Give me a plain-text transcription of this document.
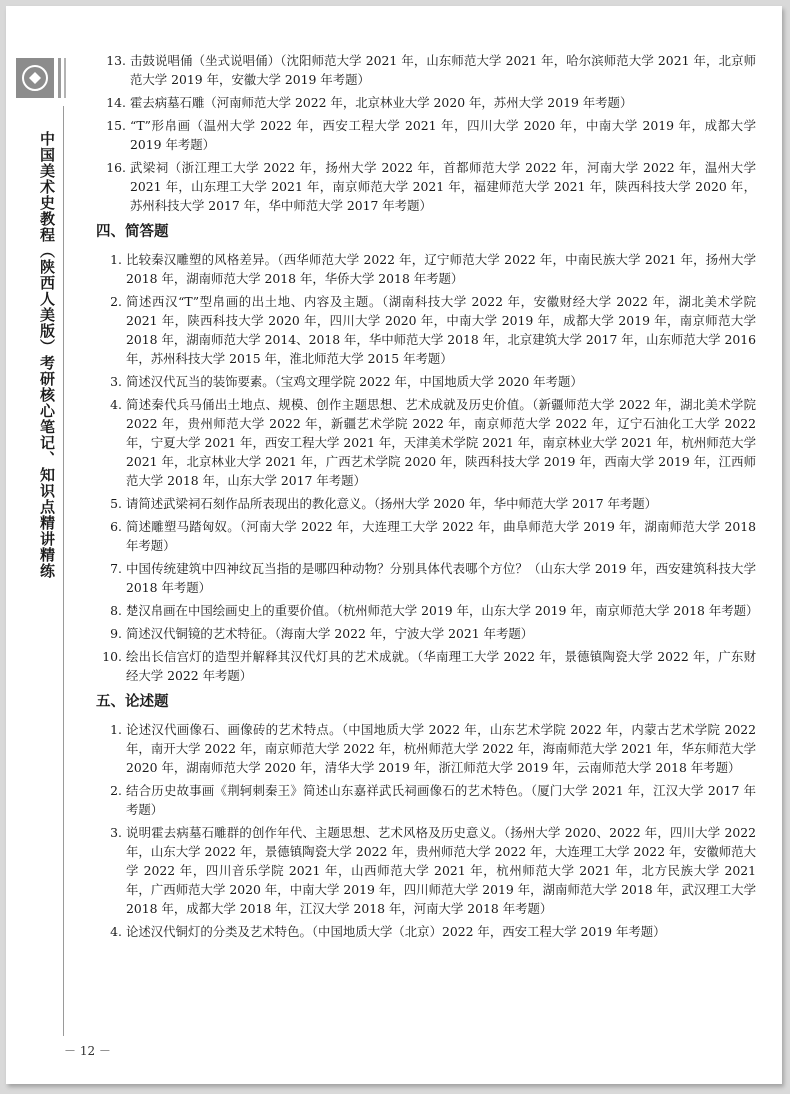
中国美术史教程（陕西人美版）考研核心笔记、知识点精讲精练
13. 击鼓说唱俑（坐式说唱俑）（沈阳师范大学 2021 年，山东师范大学 2021 年，哈尔滨师范大学 2021 年，北京师范大学 2019 年，安徽大学 2019 年考题）
14. 霍去病墓石雕（河南师范大学 2022 年，北京林业大学 2020 年，苏州大学 2019 年考题）
15. “T”形帛画（温州大学 2022 年，西安工程大学 2021 年，四川大学 2020 年，中南大学 2019 年，成都大学 2019 年考题）
16. 武梁祠（浙江理工大学 2022 年，扬州大学 2022 年，首都师范大学 2022 年，河南大学 2022 年，温州大学 2021 年，山东理工大学 2021 年，南京师范大学 2021 年，福建师范大学 2021 年，陕西科技大学 2020 年，苏州科技大学 2017 年，华中师范大学 2017 年考题）
四、简答题
1. 比较秦汉雕塑的风格差异。（西华师范大学 2022 年，辽宁师范大学 2022 年，中南民族大学 2021 年，扬州大学 2018 年，湖南师范大学 2018 年，华侨大学 2018 年考题）
2. 简述西汉“T”型帛画的出土地、内容及主题。（湖南科技大学 2022 年，安徽财经大学 2022 年，湖北美术学院 2021 年，陕西科技大学 2020 年，四川大学 2020 年，中南大学 2019 年，成都大学 2019 年，南京师范大学 2018 年，湖南师范大学 2014、2018 年，华中师范大学 2018 年，北京建筑大学 2017 年，山东师范大学 2016 年，苏州科技大学 2015 年，淮北师范大学 2015 年考题）
3. 简述汉代瓦当的装饰要素。（宝鸡文理学院 2022 年，中国地质大学 2020 年考题）
4. 简述秦代兵马俑出土地点、规模、创作主题思想、艺术成就及历史价值。（新疆师范大学 2022 年，湖北美术学院 2022 年，贵州师范大学 2022 年，新疆艺术学院 2022 年，南京师范大学 2022 年，辽宁石油化工大学 2022 年，宁夏大学 2021 年，西安工程大学 2021 年，天津美术学院 2021 年，南京林业大学 2021 年，杭州师范大学 2021 年，北京林业大学 2021 年，广西艺术学院 2020 年，陕西科技大学 2019 年，西南大学 2019 年，江西师范大学 2018 年，山东大学 2017 年考题）
5. 请简述武梁祠石刻作品所表现出的教化意义。（扬州大学 2020 年，华中师范大学 2017 年考题）
6. 简述雕塑马踏匈奴。（河南大学 2022 年，大连理工大学 2022 年，曲阜师范大学 2019 年，湖南师范大学 2018 年考题）
7. 中国传统建筑中四神纹瓦当指的是哪四种动物？分别具体代表哪个方位？（山东大学 2019 年，西安建筑科技大学 2018 年考题）
8. 楚汉帛画在中国绘画史上的重要价值。（杭州师范大学 2019 年，山东大学 2019 年，南京师范大学 2018 年考题）
9. 简述汉代铜镜的艺术特征。（海南大学 2022 年，宁波大学 2021 年考题）
10. 绘出长信宫灯的造型并解释其汉代灯具的艺术成就。（华南理工大学 2022 年，景德镇陶瓷大学 2022 年，广东财经大学 2022 年考题）
五、论述题
1. 论述汉代画像石、画像砖的艺术特点。（中国地质大学 2022 年，山东艺术学院 2022 年，内蒙古艺术学院 2022 年，南开大学 2022 年，南京师范大学 2022 年，杭州师范大学 2022 年，海南师范大学 2021 年，华东师范大学 2020 年，湖南师范大学 2020 年，清华大学 2019 年，浙江师范大学 2019 年，云南师范大学 2018 年考题）
2. 结合历史故事画《荆轲刺秦王》简述山东嘉祥武氏祠画像石的艺术特色。（厦门大学 2021 年，江汉大学 2017 年考题）
3. 说明霍去病墓石雕群的创作年代、主题思想、艺术风格及历史意义。（扬州大学 2020、2022 年，四川大学 2022 年，山东大学 2022 年，景德镇陶瓷大学 2022 年，贵州师范大学 2022 年，大连理工大学 2022 年，安徽师范大学 2022 年，四川音乐学院 2021 年，山西师范大学 2021 年，杭州师范大学 2021 年，北方民族大学 2021 年，广西师范大学 2020 年，中南大学 2019 年，四川师范大学 2019 年，湖南师范大学 2018 年，武汉理工大学 2018 年，成都大学 2018 年，江汉大学 2018 年，河南大学 2018 年考题）
4. 论述汉代铜灯的分类及艺术特色。（中国地质大学（北京）2022 年，西安工程大学 2019 年考题）
－ 12 －
